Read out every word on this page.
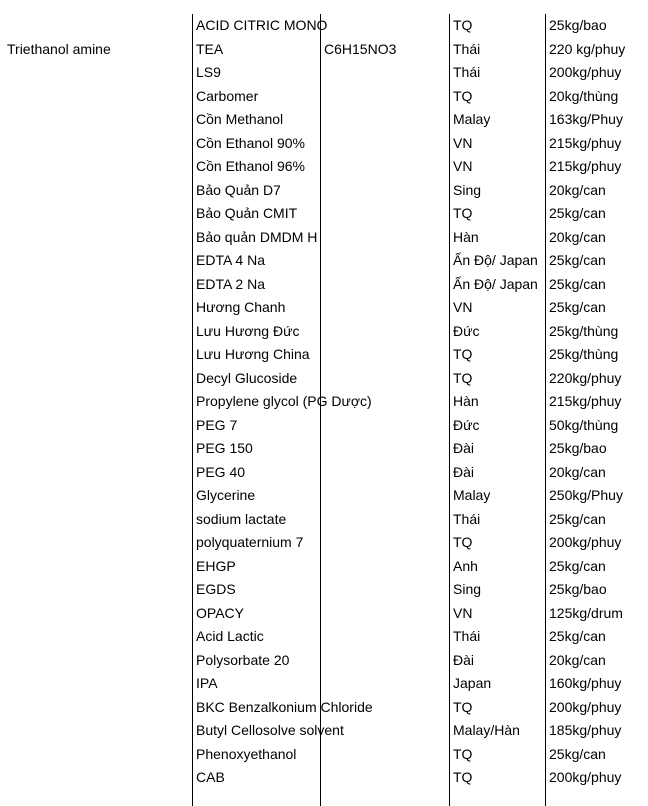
ACID CITRIC MONO	TQ	25kg/bao
Triethanol amine	TEA	C6H15NO3	Thái	220 kg/phuy
LS9	Thái	200kg/phuy
Carbomer	TQ	20kg/thùng
Cồn Methanol	Malay	163kg/Phuy
Cồn Ethanol 90%	VN	215kg/phuy
Cồn Ethanol 96%	VN	215kg/phuy
Bảo Quản D7	Sing	20kg/can
Bảo Quản CMIT	TQ	25kg/can
Bảo quản DMDM H	Hàn	20kg/can
EDTA 4 Na	Ấn Độ/ Japan 25kg/can
EDTA 2 Na	Ấn Độ/ Japan 25kg/can
Hương Chanh	VN	25kg/can
Lưu Hương Đức	Đức	25kg/thùng
Lưu Hương China	TQ	25kg/thùng
Decyl Glucoside	TQ	220kg/phuy
Propylene glycol (PG Dược)	Hàn	215kg/phuy
PEG 7	Đức	50kg/thùng
PEG 150	Đài	25kg/bao
PEG 40	Đài	20kg/can
Glycerine	Malay	250kg/Phuy
sodium lactate	Thái	25kg/can
polyquaternium 7	TQ	200kg/phuy
EHGP	Anh	25kg/can
EGDS	Sing	25kg/bao
OPACY	VN	125kg/drum
Acid Lactic	Thái	25kg/can
Polysorbate 20	Đài	20kg/can
IPA	Japan	160kg/phuy
BKC Benzalkonium Chloride	TQ	200kg/phuy
Butyl Cellosolve solvent	Malay/Hàn 185kg/phuy
Phenoxyethanol	TQ	25kg/can
CAB	TQ	200kg/phuy
